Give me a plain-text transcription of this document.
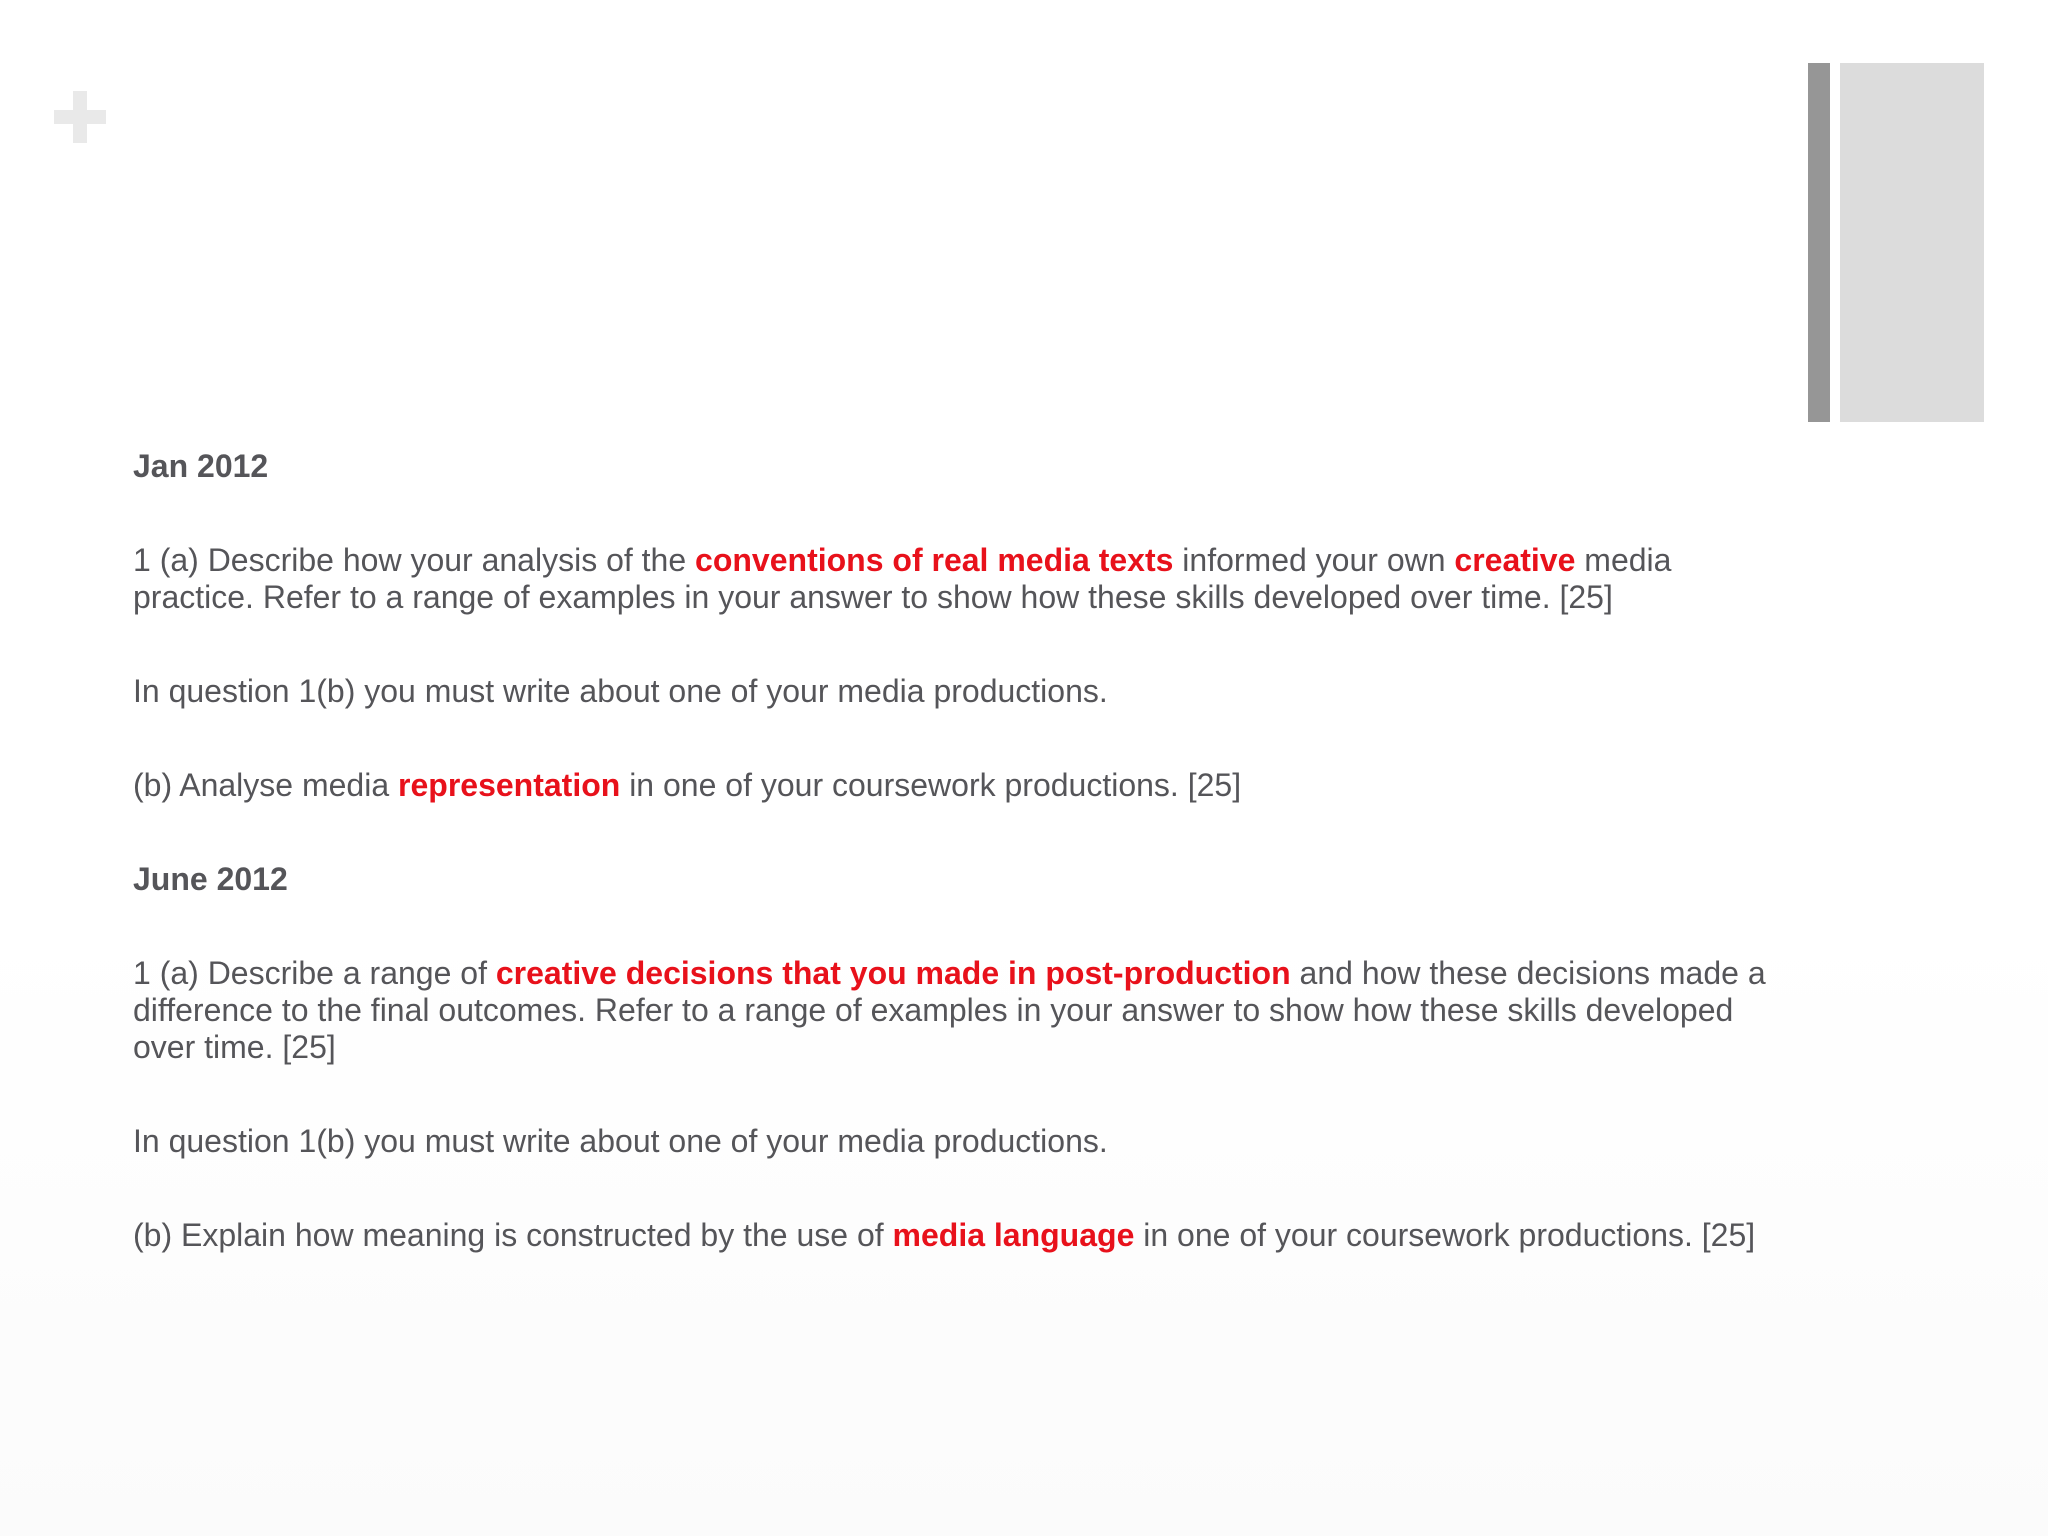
Jan 2012

1 (a) Describe how your analysis of the conventions of real media texts informed your own creative media practice. Refer to a range of examples in your answer to show how these skills developed over time. [25]

In question 1(b) you must write about one of your media productions.

(b) Analyse media representation in one of your coursework productions. [25]

June 2012

1 (a) Describe a range of creative decisions that you made in post-production and how these decisions made a difference to the final outcomes. Refer to a range of examples in your answer to show how these skills developed over time. [25]

In question 1(b) you must write about one of your media productions.

(b) Explain how meaning is constructed by the use of media language in one of your coursework productions. [25]
